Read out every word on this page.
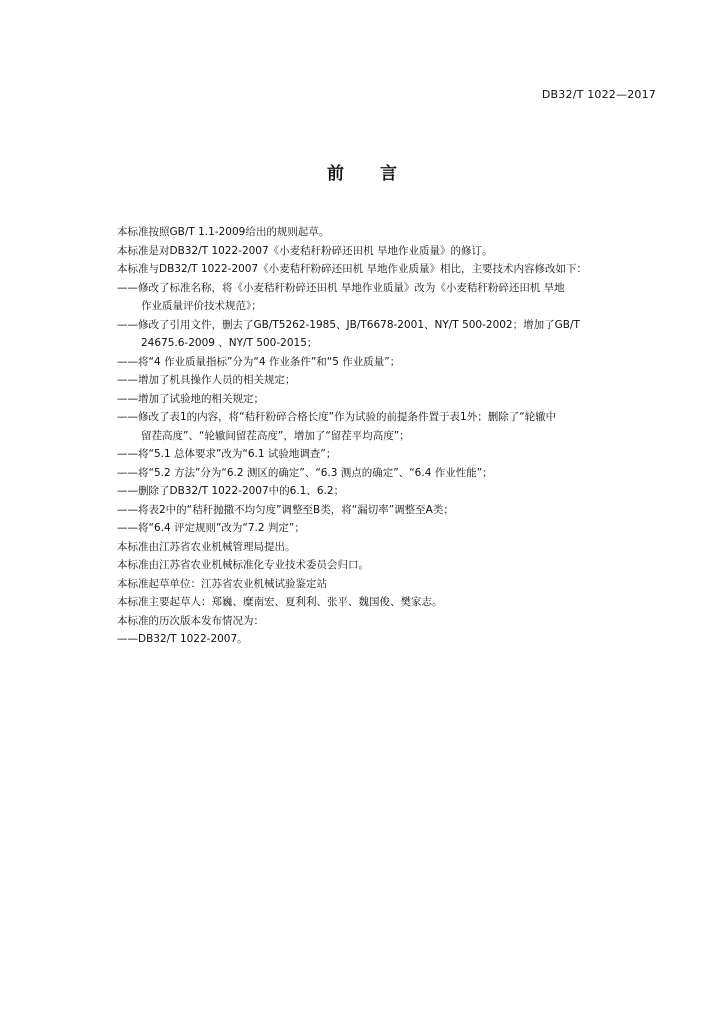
DB32/T 1022—2017
前言
本标准按照GB/T 1.1-2009给出的规则起草。
本标准是对DB32/T 1022-2007《小麦秸秆粉碎还田机 旱地作业质量》的修订。
本标准与DB32/T 1022-2007《小麦秸秆粉碎还田机 旱地作业质量》相比，主要技术内容修改如下：
——修改了标准名称，将《小麦秸秆粉碎还田机 旱地作业质量》改为《小麦秸秆粉碎还田机 旱地
作业质量评价技术规范》；
——修改了引用文件，删去了GB/T5262-1985、JB/T6678-2001、NY/T 500-2002；增加了GB/T
24675.6-2009 、NY/T 500-2015；
——将“4 作业质量指标”分为“4 作业条件”和“5 作业质量”；
——增加了机具操作人员的相关规定；
——增加了试验地的相关规定；
——修改了表1的内容，将“秸秆粉碎合格长度”作为试验的前提条件置于表1外；删除了“轮辙中
留茬高度”、“轮辙间留茬高度”，增加了“留茬平均高度”；
——将“5.1 总体要求”改为“6.1 试验地调查”；
——将“5.2 方法”分为“6.2 测区的确定”、“6.3 测点的确定”、“6.4 作业性能”；
——删除了DB32/T 1022-2007中的6.1、6.2；
——将表2中的“秸秆抛撒不均匀度”调整至B类，将“漏切率”调整至A类；
——将“6.4 评定规则”改为“7.2 判定”；
本标准由江苏省农业机械管理局提出。
本标准由江苏省农业机械标准化专业技术委员会归口。
本标准起草单位：江苏省农业机械试验鉴定站
本标准主要起草人：郑巍、糜南宏、夏利利、张平、魏国俊、樊家志。
本标准的历次版本发布情况为：
——DB32/T 1022-2007。
